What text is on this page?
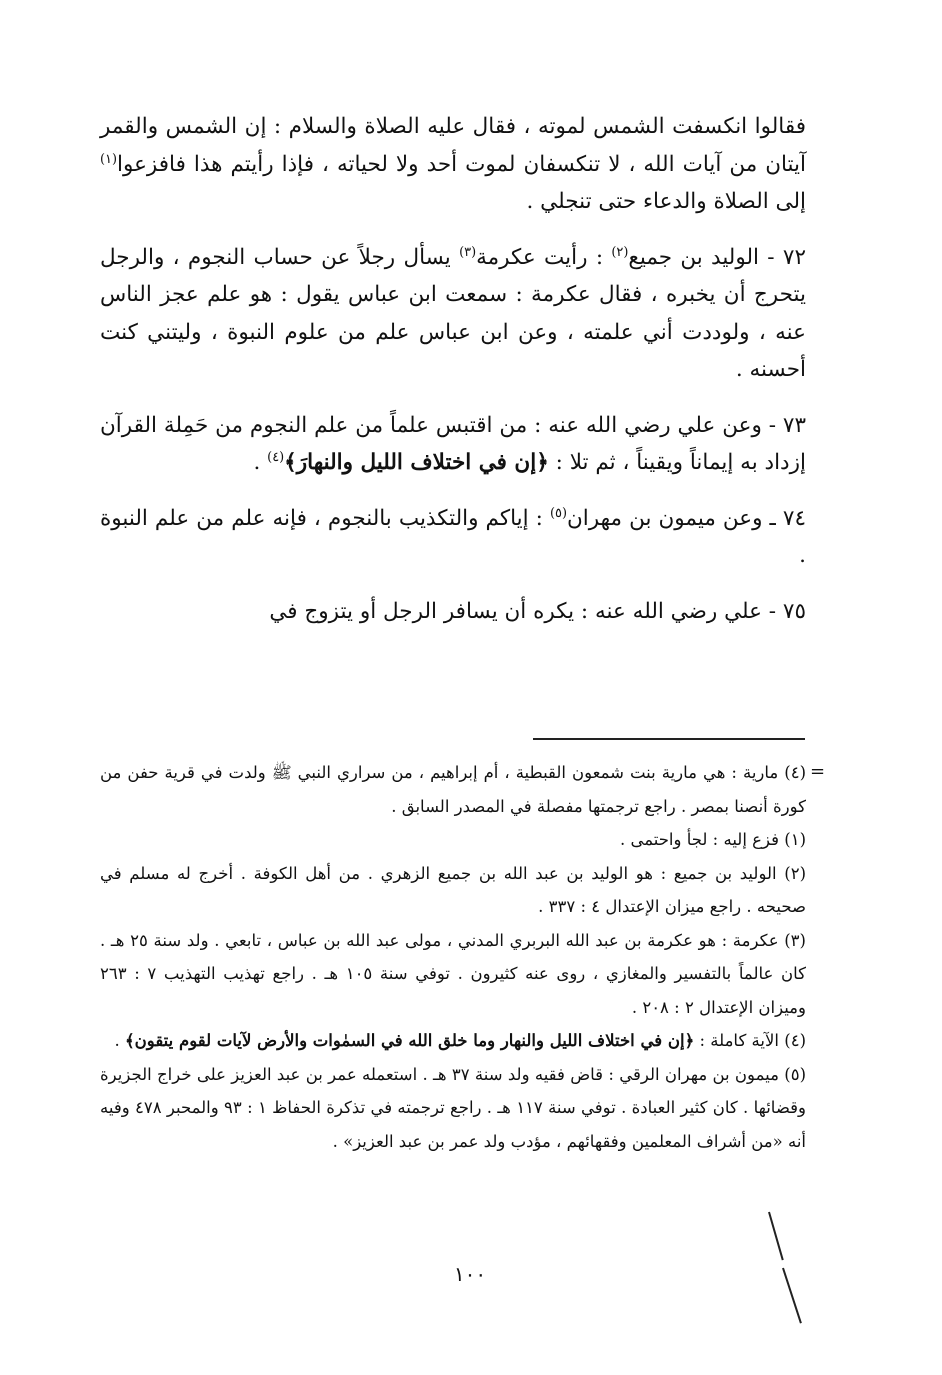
فقالوا انكسفت الشمس لموته ، فقال عليه الصلاة والسلام : إن الشمس والقمر آيتان من آيات الله ، لا تنكسفان لموت أحد ولا لحياته ، فإذا رأيتم هذا فافزعوا$^{(١)}$ إلى الصلاة والدعاء حتى تنجلي .

٧٢ - الوليد بن جميع$^{(٢)}$ : رأيت عكرمة$^{(٣)}$ يسأل رجلاً عن حساب النجوم ، والرجل يتحرج أن يخبره ، فقال عكرمة : سمعت ابن عباس يقول : هو علم عجز الناس عنه ، ولوددت أني علمته ، وعن ابن عباس علم من علوم النبوة ، وليتني كنت أحسنه .

٧٣ - وعن علي رضي الله عنه : من اقتبس علماً من علم النجوم من حَمِلة القرآن إزداد به إيماناً ويقيناً ، ثم تلا : ﴿إن في اختلاف الليل والنهارَ﴾$^{(٤)}$ .

٧٤ ـ وعن ميمون بن مهران$^{(٥)}$ : إياكم والتكذيب بالنجوم ، فإنه علم من علم النبوة .

٧٥ - علي رضي الله عنه : يكره أن يسافر الرجل أو يتزوج في

=

(٤) مارية : هي مارية بنت شمعون القبطية ، أم إبراهيم ، من سراري النبي ﷺ ولدت في قرية حفن من كورة أنصنا بمصر . راجع ترجمتها مفصلة في المصدر السابق .

(١) فزع إليه : لجأ واحتمى .

(٢) الوليد بن جميع : هو الوليد بن عبد الله بن جميع الزهري . من أهل الكوفة . أخرج له مسلم في صحيحه . راجع ميزان الإعتدال ٤ : ٣٣٧ .

(٣) عكرمة : هو عكرمة بن عبد الله البربري المدني ، مولى عبد الله بن عباس ، تابعي . ولد سنة ٢٥ هـ . كان عالماً بالتفسير والمغازي ، روى عنه كثيرون . توفي سنة ١٠٥ هـ . راجع تهذيب التهذيب ٧ : ٢٦٣ وميزان الإعتدال ٢ : ٢٠٨ .

(٤) الآية كاملة : ﴿إن في اختلاف الليل والنهار وما خلق الله في السمٰوات والأرض لآيات لقوم يتقون﴾ .

(٥) ميمون بن مهران الرقي : قاض فقيه ولد سنة ٣٧ هـ . استعمله عمر بن عبد العزيز على خراج الجزيرة وقضائها . كان كثير العبادة . توفي سنة ١١٧ هـ . راجع ترجمته في تذكرة الحفاظ ١ : ٩٣ والمحبر ٤٧٨ وفيه أنه «من أشراف المعلمين وفقهائهم ، مؤدب ولد عمر بن عبد العزيز» .

١٠٠
